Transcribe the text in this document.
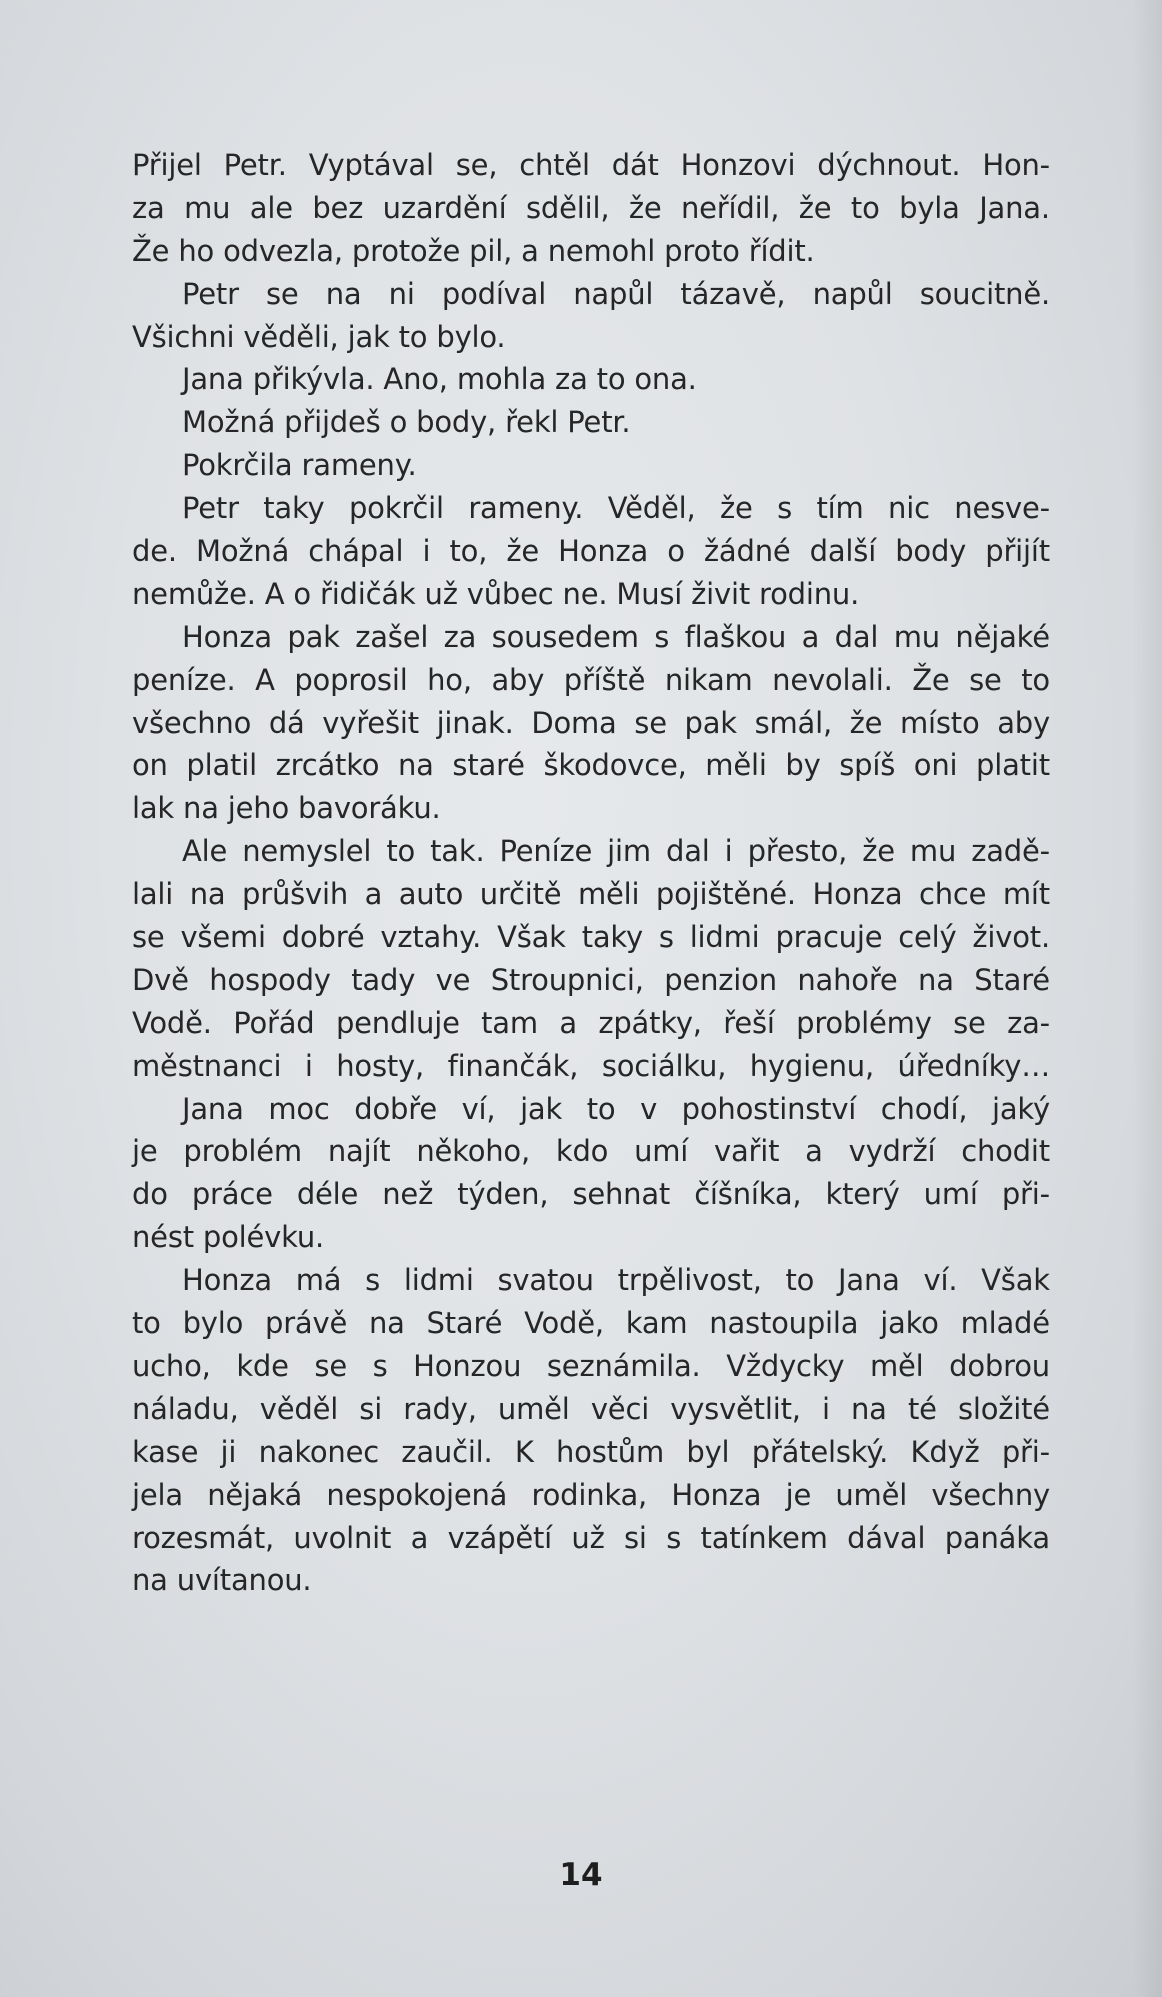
Přijel Petr. Vyptával se, chtěl dát Honzovi dýchnout. Hon-
za mu ale bez uzardění sdělil, že neřídil, že to byla Jana.
Že ho odvezla, protože pil, a nemohl proto řídit.
Petr se na ni podíval napůl tázavě, napůl soucitně.
Všichni věděli, jak to bylo.
Jana přikývla. Ano, mohla za to ona.
Možná přijdeš o body, řekl Petr.
Pokrčila rameny.
Petr taky pokrčil rameny. Věděl, že s tím nic nesve-
de. Možná chápal i to, že Honza o žádné další body přijít
nemůže. A o řidičák už vůbec ne. Musí živit rodinu.
Honza pak zašel za sousedem s flaškou a dal mu nějaké
peníze. A poprosil ho, aby příště nikam nevolali. Že se to
všechno dá vyřešit jinak. Doma se pak smál, že místo aby
on platil zrcátko na staré škodovce, měli by spíš oni platit
lak na jeho bavoráku.
Ale nemyslel to tak. Peníze jim dal i přesto, že mu zadě-
lali na průšvih a auto určitě měli pojištěné. Honza chce mít
se všemi dobré vztahy. Však taky s lidmi pracuje celý život.
Dvě hospody tady ve Stroupnici, penzion nahoře na Staré
Vodě. Pořád pendluje tam a zpátky, řeší problémy se za-
městnanci i hosty, finančák, sociálku, hygienu, úředníky…
Jana moc dobře ví, jak to v pohostinství chodí, jaký
je problém najít někoho, kdo umí vařit a vydrží chodit
do práce déle než týden, sehnat číšníka, který umí při-
nést polévku.
Honza má s lidmi svatou trpělivost, to Jana ví. Však
to bylo právě na Staré Vodě, kam nastoupila jako mladé
ucho, kde se s Honzou seznámila. Vždycky měl dobrou
náladu, věděl si rady, uměl věci vysvětlit, i na té složité
kase ji nakonec zaučil. K hostům byl přátelský. Když při-
jela nějaká nespokojená rodinka, Honza je uměl všechny
rozesmát, uvolnit a vzápětí už si s tatínkem dával panáka
na uvítanou.
14
